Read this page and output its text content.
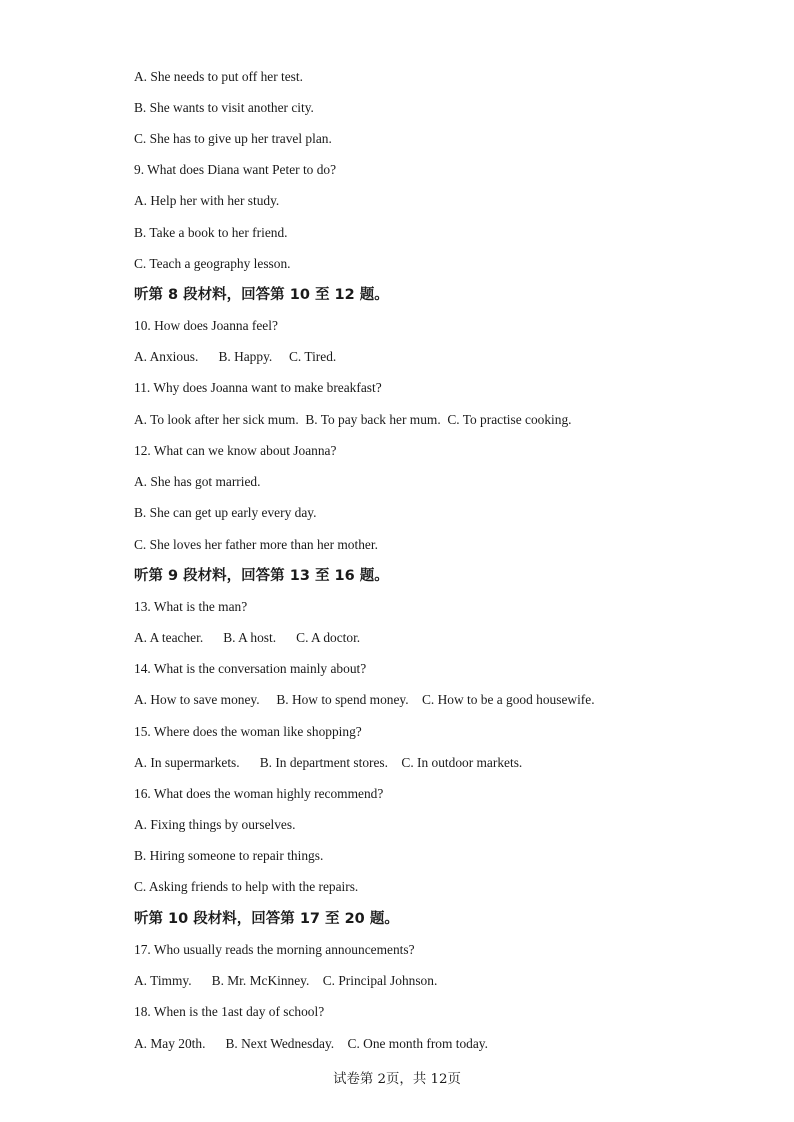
A. She needs to put off her test.
B. She wants to visit another city.
C. She has to give up her travel plan.
9. What does Diana want Peter to do?
A. Help her with her study.
B. Take a book to her friend.
C. Teach a geography lesson.
听第 8 段材料，回答第 10 至 12 题。
10. How does Joanna feel?
A. Anxious.      B. Happy.     C. Tired.
11. Why does Joanna want to make breakfast?
A. To look after her sick mum.  B. To pay back her mum.  C. To practise cooking.
12. What can we know about Joanna?
A. She has got married.
B. She can get up early every day.
C. She loves her father more than her mother.
听第 9 段材料，回答第 13 至 16 题。
13. What is the man?
A. A teacher.      B. A host.      C. A doctor.
14. What is the conversation mainly about?
A. How to save money.     B. How to spend money.    C. How to be a good housewife.
15. Where does the woman like shopping?
A. In supermarkets.      B. In department stores.    C. In outdoor markets.
16. What does the woman highly recommend?
A. Fixing things by ourselves.
B. Hiring someone to repair things.
C. Asking friends to help with the repairs.
听第 10 段材料，回答第 17 至 20 题。
17. Who usually reads the morning announcements?
A. Timmy.      B. Mr. McKinney.    C. Principal Johnson.
18. When is the 1ast day of school?
A. May 20th.      B. Next Wednesday.    C. One month from today.
试卷第 2页，共 12页
